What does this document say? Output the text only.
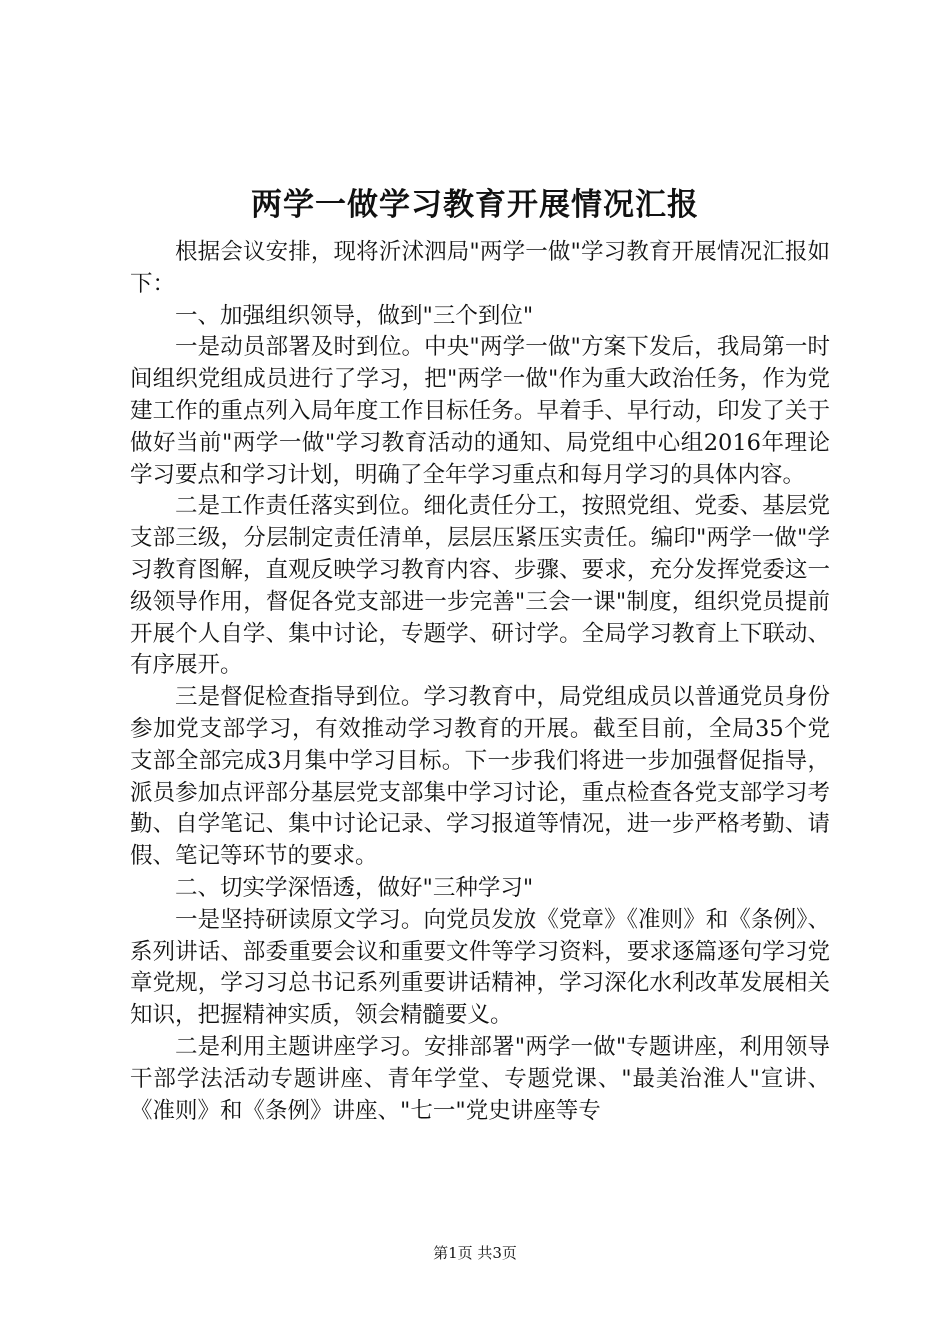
两学一做学习教育开展情况汇报

根据会议安排，现将沂沭泗局"两学一做"学习教育开展情况汇报如下：

一、加强组织领导，做到"三个到位"

一是动员部署及时到位。中央"两学一做"方案下发后，我局第一时间组织党组成员进行了学习，把"两学一做"作为重大政治任务，作为党建工作的重点列入局年度工作目标任务。早着手、早行动，印发了关于做好当前"两学一做"学习教育活动的通知、局党组中心组2016年理论学习要点和学习计划，明确了全年学习重点和每月学习的具体内容。

二是工作责任落实到位。细化责任分工，按照党组、党委、基层党支部三级，分层制定责任清单，层层压紧压实责任。编印"两学一做"学习教育图解，直观反映学习教育内容、步骤、要求，充分发挥党委这一级领导作用，督促各党支部进一步完善"三会一课"制度，组织党员提前开展个人自学、集中讨论，专题学、研讨学。全局学习教育上下联动、有序展开。

三是督促检查指导到位。学习教育中，局党组成员以普通党员身份参加党支部学习，有效推动学习教育的开展。截至目前，全局35个党支部全部完成3月集中学习目标。下一步我们将进一步加强督促指导，派员参加点评部分基层党支部集中学习讨论，重点检查各党支部学习考勤、自学笔记、集中讨论记录、学习报道等情况，进一步严格考勤、请假、笔记等环节的要求。

二、切实学深悟透，做好"三种学习"

一是坚持研读原文学习。向党员发放《党章》《准则》和《条例》、系列讲话、部委重要会议和重要文件等学习资料，要求逐篇逐句学习党章党规，学习习总书记系列重要讲话精神，学习深化水利改革发展相关知识，把握精神实质，领会精髓要义。

二是利用主题讲座学习。安排部署"两学一做"专题讲座，利用领导干部学法活动专题讲座、青年学堂、专题党课、"最美治淮人"宣讲、《准则》和《条例》讲座、"七一"党史讲座等专

第1页 共3页
